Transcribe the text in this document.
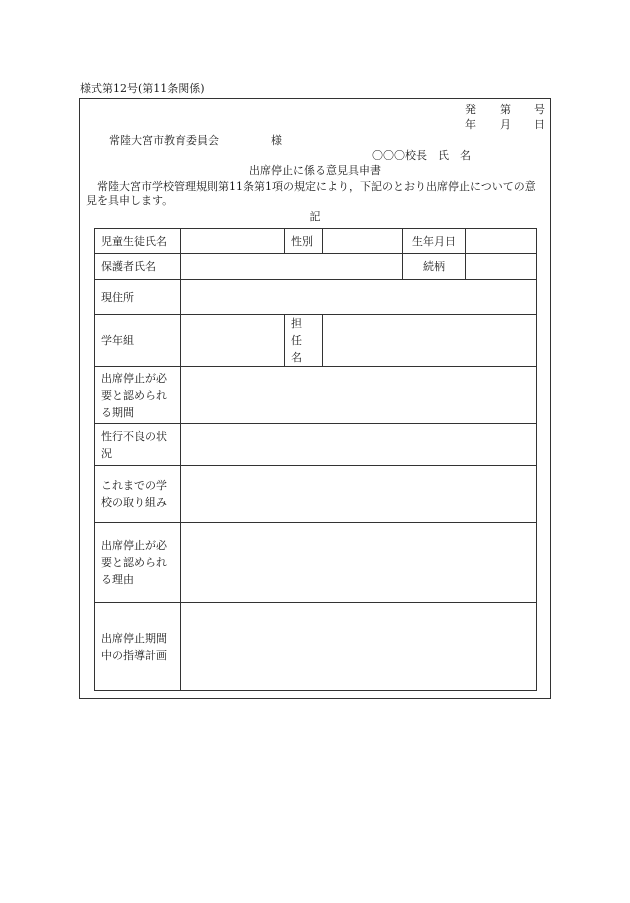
様式第12号(第11条関係)
発 第 号
年 月 日
常陸大宮市教育委員会	様
〇〇〇校長　氏　名
出席停止に係る意見具申書
常陸大宮市学校管理規則第11条第1項の規定により，下記のとおり出席停止についての意見を具申します。
記
児童生徒氏名		性別		生年月日	
保護者氏名				続柄	
現住所					
学年組		担 任
名			
出席停止が必要と認められる期間					
性行不良の状況					
これまでの学校の取り組み					
出席停止が必要と認められる理由					
出席停止期間中の指導計画					
